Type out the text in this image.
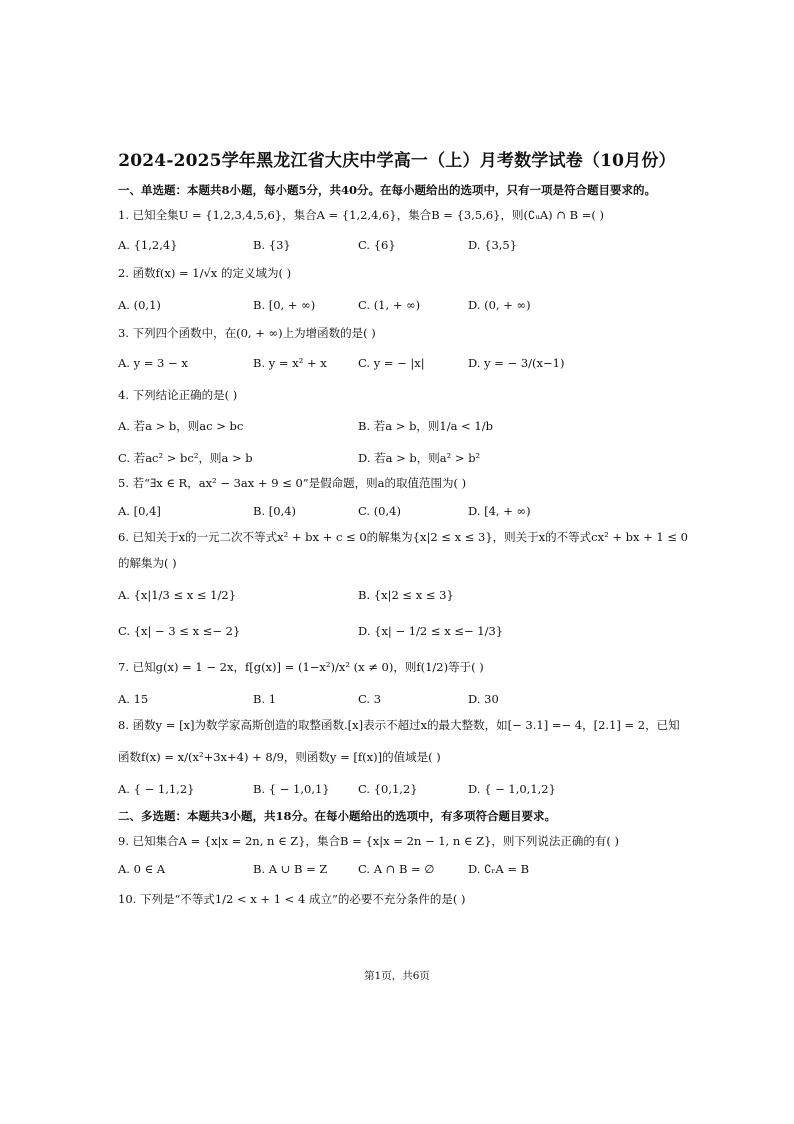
2024-2025学年黑龙江省大庆中学高一（上）月考数学试卷（10月份）
一、单选题：本题共8小题，每小题5分，共40分。在每小题给出的选项中，只有一项是符合题目要求的。
1. 已知全集U = {1,2,3,4,5,6}，集合A = {1,2,4,6}，集合B = {3,5,6}，则(∁ᵤA) ∩ B =( )
A. {1,2,4}	B. {3}	C. {6}	D. {3,5}
2. 函数f(x) = 1/√x 的定义域为( )
A. (0,1)	B. [0, + ∞)	C. (1, + ∞)	D. (0, + ∞)
3. 下列四个函数中，在(0, + ∞)上为增函数的是( )
A. y = 3 − x	B. y = x² + x	C. y = − |x|	D. y = − 3/(x−1)
4. 下列结论正确的是( )
A. 若a > b，则ac > bc	B. 若a > b，则1/a < 1/b
C. 若ac² > bc²，则a > b	D. 若a > b，则a² > b²
5. 若“∃x ∈ R，ax² − 3ax + 9 ≤ 0”是假命题，则a的取值范围为( )
A. [0,4]	B. [0,4)	C. (0,4)	D. [4, + ∞)
6. 已知关于x的一元二次不等式x² + bx + c ≤ 0的解集为{x|2 ≤ x ≤ 3}，则关于x的不等式cx² + bx + 1 ≤ 0
的解集为( )
A. {x|1/3 ≤ x ≤ 1/2}	B. {x|2 ≤ x ≤ 3}
C. {x| − 3 ≤ x ≤− 2}	D. {x| − 1/2 ≤ x ≤− 1/3}
7. 已知g(x) = 1 − 2x，f[g(x)] = (1−x²)/x² (x ≠ 0)，则f(1/2)等于( )
A. 15	B. 1	C. 3	D. 30
8. 函数y = [x]为数学家高斯创造的取整函数.[x]表示不超过x的最大整数，如[− 3.1] =− 4，[2.1] = 2，已知
函数f(x) = x/(x²+3x+4) + 8/9，则函数y = [f(x)]的值域是( )
A. { − 1,1,2}	B. { − 1,0,1} C. {0,1,2}	D. { − 1,0,1,2}
二、多选题：本题共3小题，共18分。在每小题给出的选项中，有多项符合题目要求。
9. 已知集合A = {x|x = 2n, n ∈ Z}，集合B = {x|x = 2n − 1, n ∈ Z}，则下列说法正确的有( )
A. 0 ∈ A	B. A ∪ B = Z	C. A ∩ B = ∅	D. ∁ᵣA = B
10. 下列是“不等式1/2 < x + 1 < 4 成立”的必要不充分条件的是( )
第1页，共6页
